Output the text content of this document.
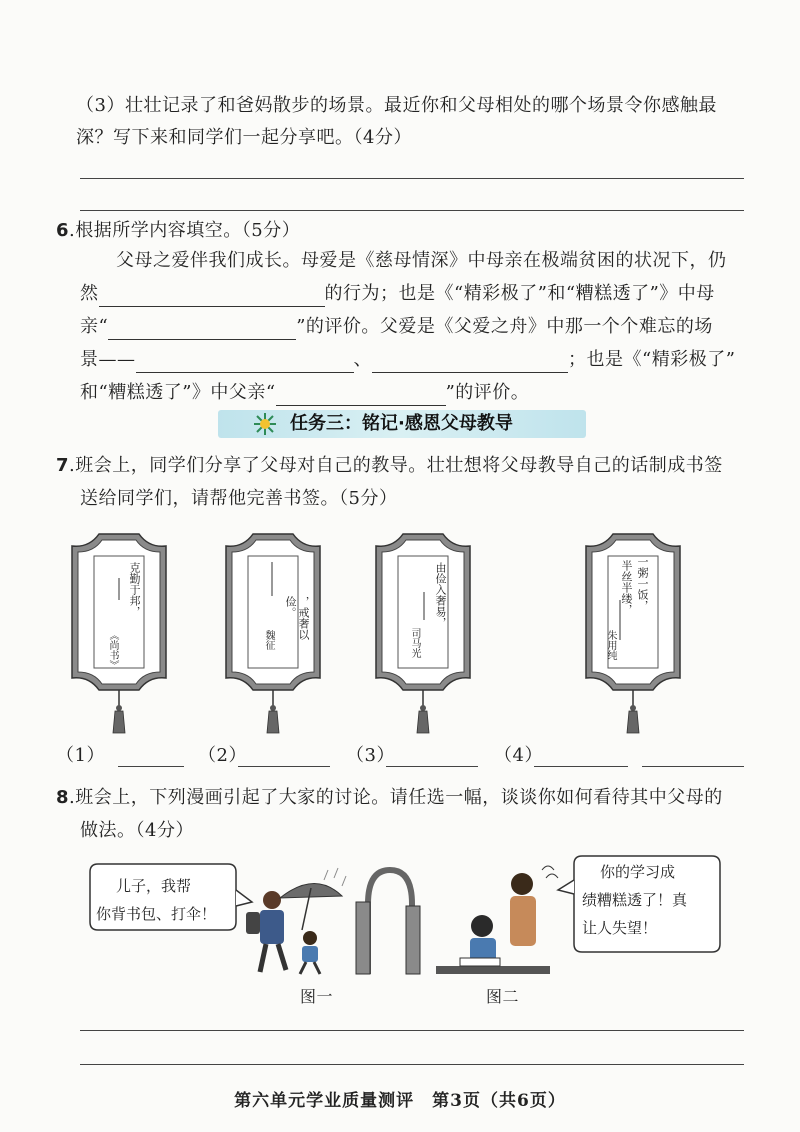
（3）壮壮记录了和爸妈散步的场景。最近你和父母相处的哪个场景令你感触最
深？写下来和同学们一起分享吧。（4分）
6.根据所学内容填空。（5分）
父母之爱伴我们成长。母爱是《慈母情深》中母亲在极端贫困的状况下，仍
然	的行为；也是《“精彩极了”和“糟糕透了”》中母
亲“	”的评价。父爱是《父爱之舟》中那一个个难忘的场
景——	、	；也是《“精彩极了”
和“糟糕透了”》中父亲“	”的评价。
任务三：铭记·感恩父母教导
7.班会上，同学们分享了父母对自己的教导。壮壮想将父母教导自己的话制成书签
送给同学们，请帮他完善书签。（5分）
克勤于邦，
《尚书》
，戒奢以俭。
魏征
由俭入奢易，
司马光
一粥一饭，
半丝半缕，
朱用纯
（1）	（2）	（3）	（4）
8.班会上，下列漫画引起了大家的讨论。请任选一幅，谈谈你如何看待其中父母的
做法。（4分）
儿子，我帮
你背书包、打伞！
你的学习成
绩糟糕透了！真
让人失望！
图一	图二
第六单元学业质量测评　第3页（共6页）
